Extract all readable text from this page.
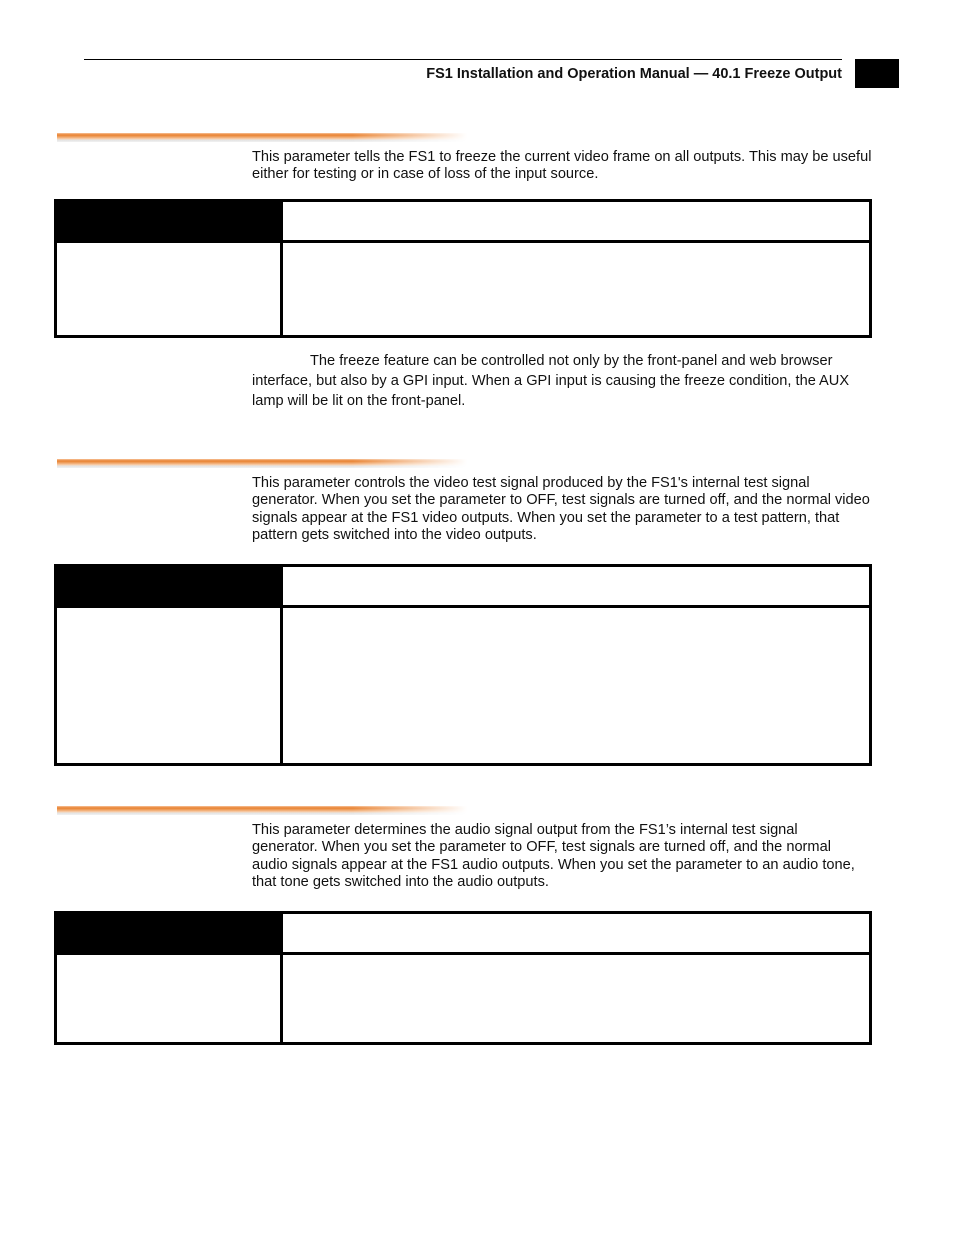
FS1 Installation and Operation Manual — 40.1 Freeze Output

This parameter tells the FS1 to freeze the current video frame on all outputs. This may be useful either for testing or in case of loss of the input source.

The freeze feature can be controlled not only by the front-panel and web browser interface, but also by a GPI input. When a GPI input is causing the freeze condition, the AUX lamp will be lit on the front-panel.

This parameter controls the video test signal produced by the FS1's internal test signal generator. When you set the parameter to OFF, test signals are turned off, and the normal video signals appear at the FS1 video outputs. When you set the parameter to a test pattern, that pattern gets switched into the video outputs.

This parameter determines the audio signal output from the FS1’s internal test signal generator. When you set the parameter to OFF, test signals are turned off, and the normal audio signals appear at the FS1 audio outputs. When you set the parameter to an audio tone, that tone gets switched into the audio outputs.
